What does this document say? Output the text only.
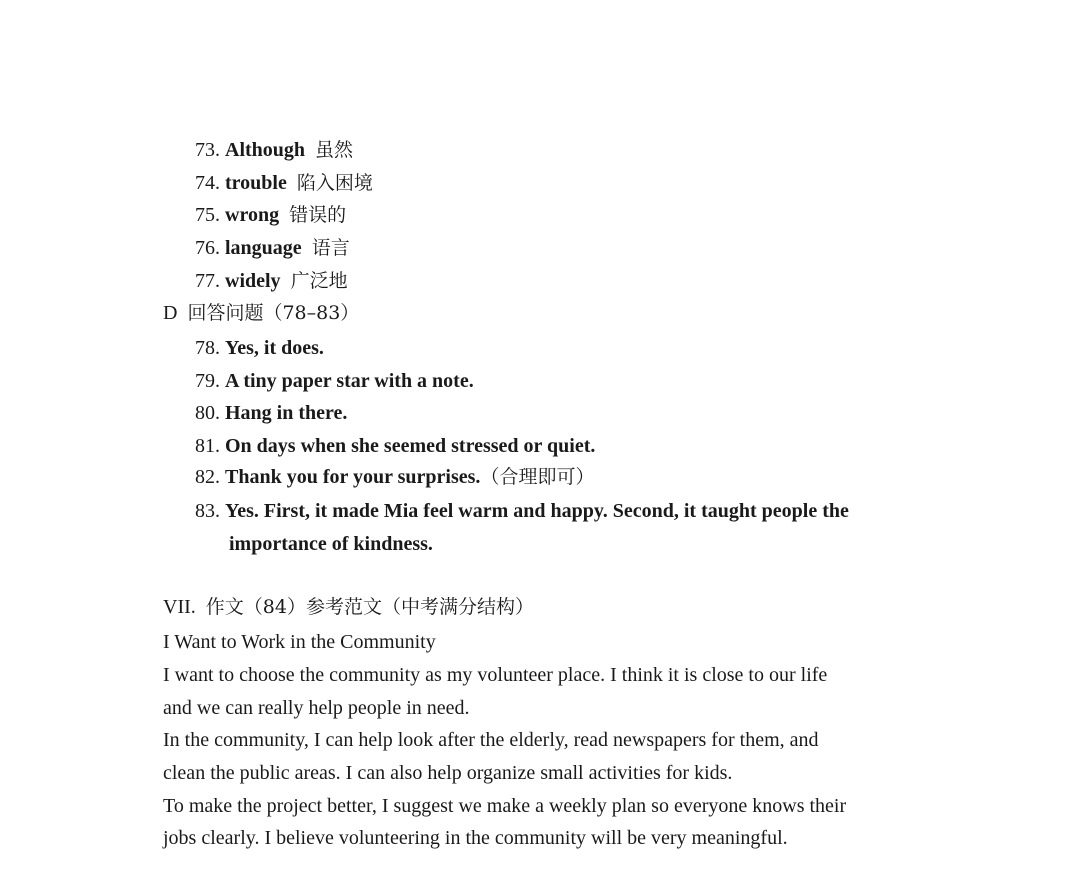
73. Although 虽然
74. trouble 陷入困境
75. wrong 错误的
76. language 语言
77. widely 广泛地
D 回答问题（78–83）
78. Yes, it does.
79. A tiny paper star with a note.
80. Hang in there.
81. On days when she seemed stressed or quiet.
82. Thank you for your surprises.（合理即可）
83. Yes. First, it made Mia feel warm and happy. Second, it taught people the
importance of kindness.
VII. 作文（84）参考范文（中考满分结构）
I Want to Work in the Community
I want to choose the community as my volunteer place. I think it is close to our life
and we can really help people in need.
In the community, I can help look after the elderly, read newspapers for them, and
clean the public areas. I can also help organize small activities for kids.
To make the project better, I suggest we make a weekly plan so everyone knows their
jobs clearly. I believe volunteering in the community will be very meaningful.
